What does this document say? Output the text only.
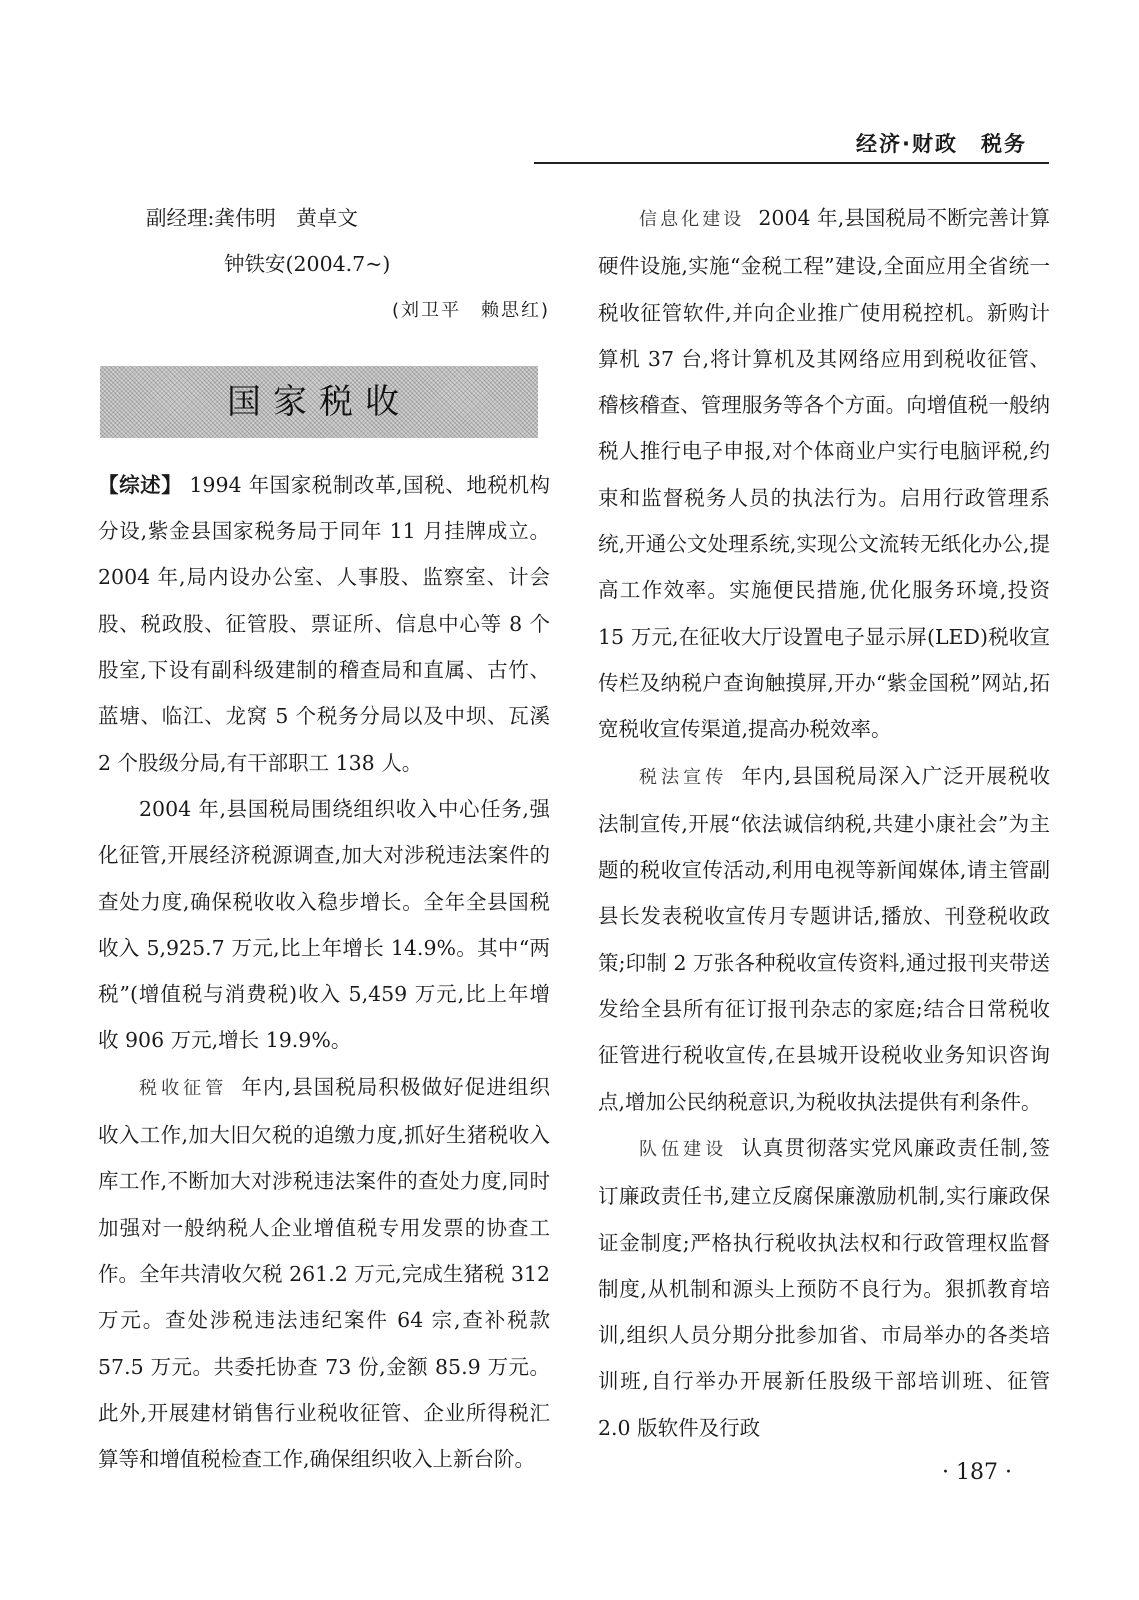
经济·财政　税务

副经理:龚伟明　黄卓文

钟铁安(2004.7~)

(刘卫平　赖思红)

国家税收

【综述】 1994 年国家税制改革,国税、地税机构分设,紫金县国家税务局于同年 11 月挂牌成立。2004 年,局内设办公室、人事股、监察室、计会股、税政股、征管股、票证所、信息中心等 8 个股室,下设有副科级建制的稽查局和直属、古竹、蓝塘、临江、龙窝 5 个税务分局以及中坝、瓦溪 2 个股级分局,有干部职工 138 人。

2004 年,县国税局围绕组织收入中心任务,强化征管,开展经济税源调查,加大对涉税违法案件的查处力度,确保税收收入稳步增长。全年全县国税收入 5,925.7 万元,比上年增长 14.9%。其中“两税”(增值税与消费税)收入 5,459 万元,比上年增收 906 万元,增长 19.9%。

税收征管 年内,县国税局积极做好促进组织收入工作,加大旧欠税的追缴力度,抓好生猪税收入库工作,不断加大对涉税违法案件的查处力度,同时加强对一般纳税人企业增值税专用发票的协查工作。全年共清收欠税 261.2 万元,完成生猪税 312 万元。查处涉税违法违纪案件 64 宗,查补税款 57.5 万元。共委托协查 73 份,金额 85.9 万元。此外,开展建材销售行业税收征管、企业所得税汇算等和增值税检查工作,确保组织收入上新台阶。

信息化建设 2004 年,县国税局不断完善计算硬件设施,实施“金税工程”建设,全面应用全省统一税收征管软件,并向企业推广使用税控机。新购计算机 37 台,将计算机及其网络应用到税收征管、稽核稽查、管理服务等各个方面。向增值税一般纳税人推行电子申报,对个体商业户实行电脑评税,约束和监督税务人员的执法行为。启用行政管理系统,开通公文处理系统,实现公文流转无纸化办公,提高工作效率。实施便民措施,优化服务环境,投资 15 万元,在征收大厅设置电子显示屏(LED)税收宣传栏及纳税户查询触摸屏,开办“紫金国税”网站,拓宽税收宣传渠道,提高办税效率。

税法宣传 年内,县国税局深入广泛开展税收法制宣传,开展“依法诚信纳税,共建小康社会”为主题的税收宣传活动,利用电视等新闻媒体,请主管副县长发表税收宣传月专题讲话,播放、刊登税收政策;印制 2 万张各种税收宣传资料,通过报刊夹带送发给全县所有征订报刊杂志的家庭;结合日常税收征管进行税收宣传,在县城开设税收业务知识咨询点,增加公民纳税意识,为税收执法提供有利条件。

队伍建设 认真贯彻落实党风廉政责任制,签订廉政责任书,建立反腐保廉激励机制,实行廉政保证金制度;严格执行税收执法权和行政管理权监督制度,从机制和源头上预防不良行为。狠抓教育培训,组织人员分期分批参加省、市局举办的各类培训班,自行举办开展新任股级干部培训班、征管 2.0 版软件及行政

· 187 ·
